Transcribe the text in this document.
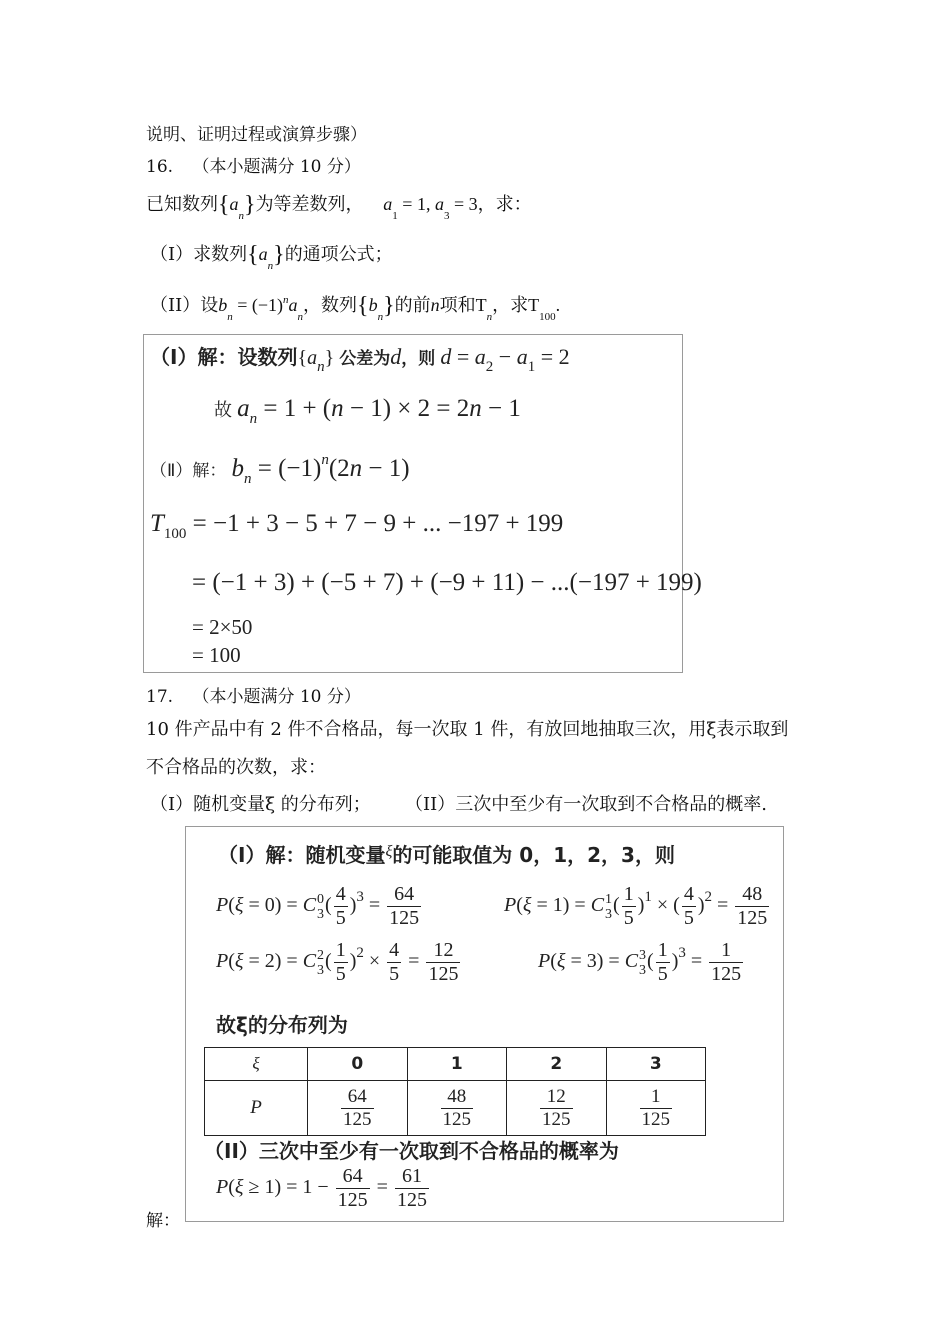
说明、证明过程或演算步骤）
16. （本小题满分 10 分）
已知数列$\{a_n\}$为等差数列， $a_1 = 1$, $a_3 = 3$，求：
（I）求数列$\{a_n\}$的通项公式；
（II）设$b_n = (-1)^na_n$，数列$\{b_n\}$的前n项和$T_n$，求$T_{100}$.
（Ⅰ）解：设数列$\{a_n\}$ 公差为d，则 $d = a_2 - a_1 = 2$
故 $a_n = 1 + (n - 1) \times 2 = 2n - 1$
（Ⅱ）解： $b_n = (-1)^n(2n - 1)$
$T_{100} = -1 + 3 - 5 + 7 - 9$ + ... −197 + 199
= (−1 + 3) + (−5 + 7) + (−9 + 11) − ...(−197 + 199)
= 2×50
= 100
17. （本小题满分 10 分）
10 件产品中有 2 件不合格品，每一次取 1 件，有放回地抽取三次，用ξ表示取到
不合格品的次数，求：
（I）随机变量ξ 的分布列； （II）三次中至少有一次取到不合格品的概率.
（I）解：随机变量ξ的可能取值为 0，1，2，3，则
P(ξ = 0) = C 0
3 ( $\frac{4}{5} )^3 = \frac{64}{125}$	P(ξ = 1) = C 1
3 ( $\frac{1}{5} )^1$ × ( $\frac{4}{5} )^2 = \frac{48}{125}$
P(ξ = 2) = C 2
3 ( $\frac{1}{5} )^2 \times \frac{4}{5} = \frac{12}{125}$	P(ξ = 3) = C 3
3 ( $\frac{1}{5} )^3 = \frac{1}{125}$
故ξ的分布列为
ξ	0	1	2	3
P	$\frac{64}{125}$	$\frac{48}{125}$	$\frac{12}{125}$	$\frac{1}{125}$
（II）三次中至少有一次取到不合格品的概率为
$P(\xi \ge 1) = 1 - \frac{64}{125} = \frac{61}{125}$
解：
